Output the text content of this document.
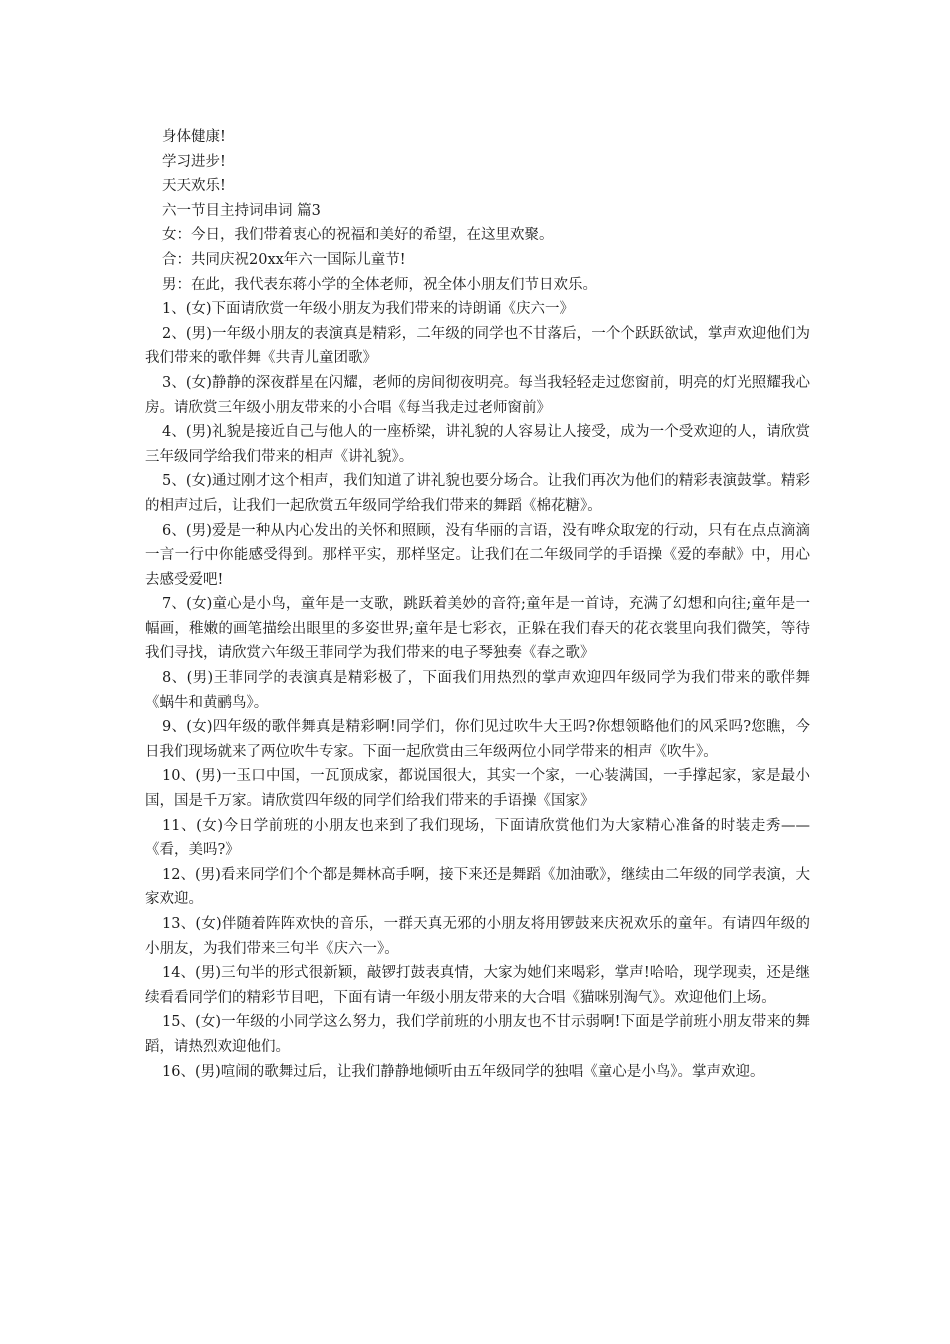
身体健康!

学习进步!

天天欢乐!

六一节目主持词串词 篇3

女：今日，我们带着衷心的祝福和美好的希望，在这里欢聚。

合：共同庆祝20xx年六一国际儿童节!

男：在此，我代表东蒋小学的全体老师，祝全体小朋友们节日欢乐。

1、(女)下面请欣赏一年级小朋友为我们带来的诗朗诵《庆六一》

2、(男)一年级小朋友的表演真是精彩，二年级的同学也不甘落后，一个个跃跃欲试，掌声欢迎他们为我们带来的歌伴舞《共青儿童团歌》

3、(女)静静的深夜群星在闪耀，老师的房间彻夜明亮。每当我轻轻走过您窗前，明亮的灯光照耀我心房。请欣赏三年级小朋友带来的小合唱《每当我走过老师窗前》

4、(男)礼貌是接近自己与他人的一座桥梁，讲礼貌的人容易让人接受，成为一个受欢迎的人，请欣赏三年级同学给我们带来的相声《讲礼貌》。

5、(女)通过刚才这个相声，我们知道了讲礼貌也要分场合。让我们再次为他们的精彩表演鼓掌。精彩的相声过后，让我们一起欣赏五年级同学给我们带来的舞蹈《棉花糖》。

6、(男)爱是一种从内心发出的关怀和照顾，没有华丽的言语，没有哗众取宠的行动，只有在点点滴滴一言一行中你能感受得到。那样平实，那样坚定。让我们在二年级同学的手语操《爱的奉献》中，用心去感受爱吧!

7、(女)童心是小鸟，童年是一支歌，跳跃着美妙的音符;童年是一首诗，充满了幻想和向往;童年是一幅画，稚嫩的画笔描绘出眼里的多姿世界;童年是七彩衣，正躲在我们春天的花衣裳里向我们微笑，等待我们寻找，请欣赏六年级王菲同学为我们带来的电子琴独奏《春之歌》

8、(男)王菲同学的表演真是精彩极了，下面我们用热烈的掌声欢迎四年级同学为我们带来的歌伴舞《蜗牛和黄鹂鸟》。

9、(女)四年级的歌伴舞真是精彩啊!同学们，你们见过吹牛大王吗?你想领略他们的风采吗?您瞧，今日我们现场就来了两位吹牛专家。下面一起欣赏由三年级两位小同学带来的相声《吹牛》。

10、(男)一玉口中国，一瓦顶成家，都说国很大，其实一个家，一心装满国，一手撑起家，家是最小国，国是千万家。请欣赏四年级的同学们给我们带来的手语操《国家》

11、(女)今日学前班的小朋友也来到了我们现场，下面请欣赏他们为大家精心准备的时装走秀——《看，美吗?》

12、(男)看来同学们个个都是舞林高手啊，接下来还是舞蹈《加油歌》，继续由二年级的同学表演，大家欢迎。

13、(女)伴随着阵阵欢快的音乐，一群天真无邪的小朋友将用锣鼓来庆祝欢乐的童年。有请四年级的小朋友，为我们带来三句半《庆六一》。

14、(男)三句半的形式很新颖，敲锣打鼓表真情，大家为她们来喝彩，掌声!哈哈，现学现卖，还是继续看看同学们的精彩节目吧，下面有请一年级小朋友带来的大合唱《猫咪别淘气》。欢迎他们上场。

15、(女)一年级的小同学这么努力，我们学前班的小朋友也不甘示弱啊!下面是学前班小朋友带来的舞蹈，请热烈欢迎他们。

16、(男)喧闹的歌舞过后，让我们静静地倾听由五年级同学的独唱《童心是小鸟》。掌声欢迎。
